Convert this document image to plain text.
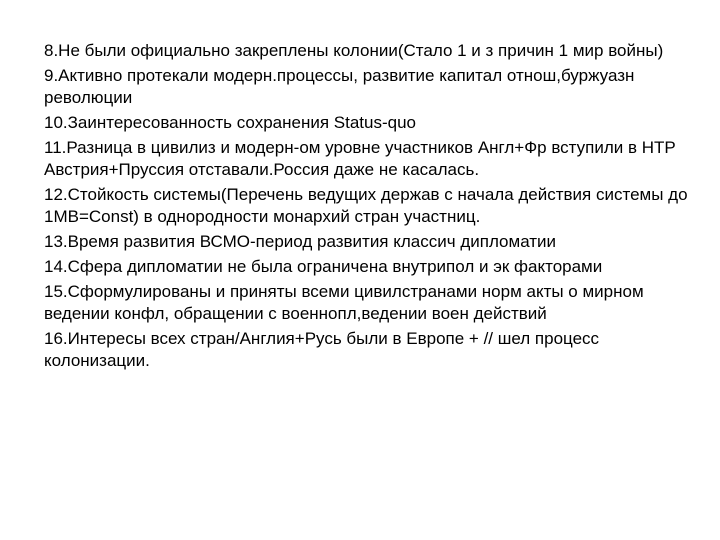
8.Не были официально закреплены колонии(Стало 1 и з причин 1 мир войны)

9.Активно протекали модерн.процессы, развитие капитал отнош,буржуазн революции

10.Заинтересованность сохранения Status-quo

11.Разница в цивилиз и модерн-ом уровне участников Англ+Фр вступили в НТР Австрия+Пруссия отставали.Россия даже не касалась.

12.Стойкость системы(Перечень ведущих держав с начала действия системы до 1МВ=Const) в однородности монархий стран участниц.

13.Время развития ВСМО-период развития классич дипломатии

14.Сфера дипломатии не была ограничена внутрипол и эк факторами

15.Сформулированы и приняты всеми цивилстранами норм акты о мирном ведении конфл, обращении с военнопл,ведении воен действий

16.Интересы всех стран/Англия+Русь были в Европе + // шел процесс колонизации.
